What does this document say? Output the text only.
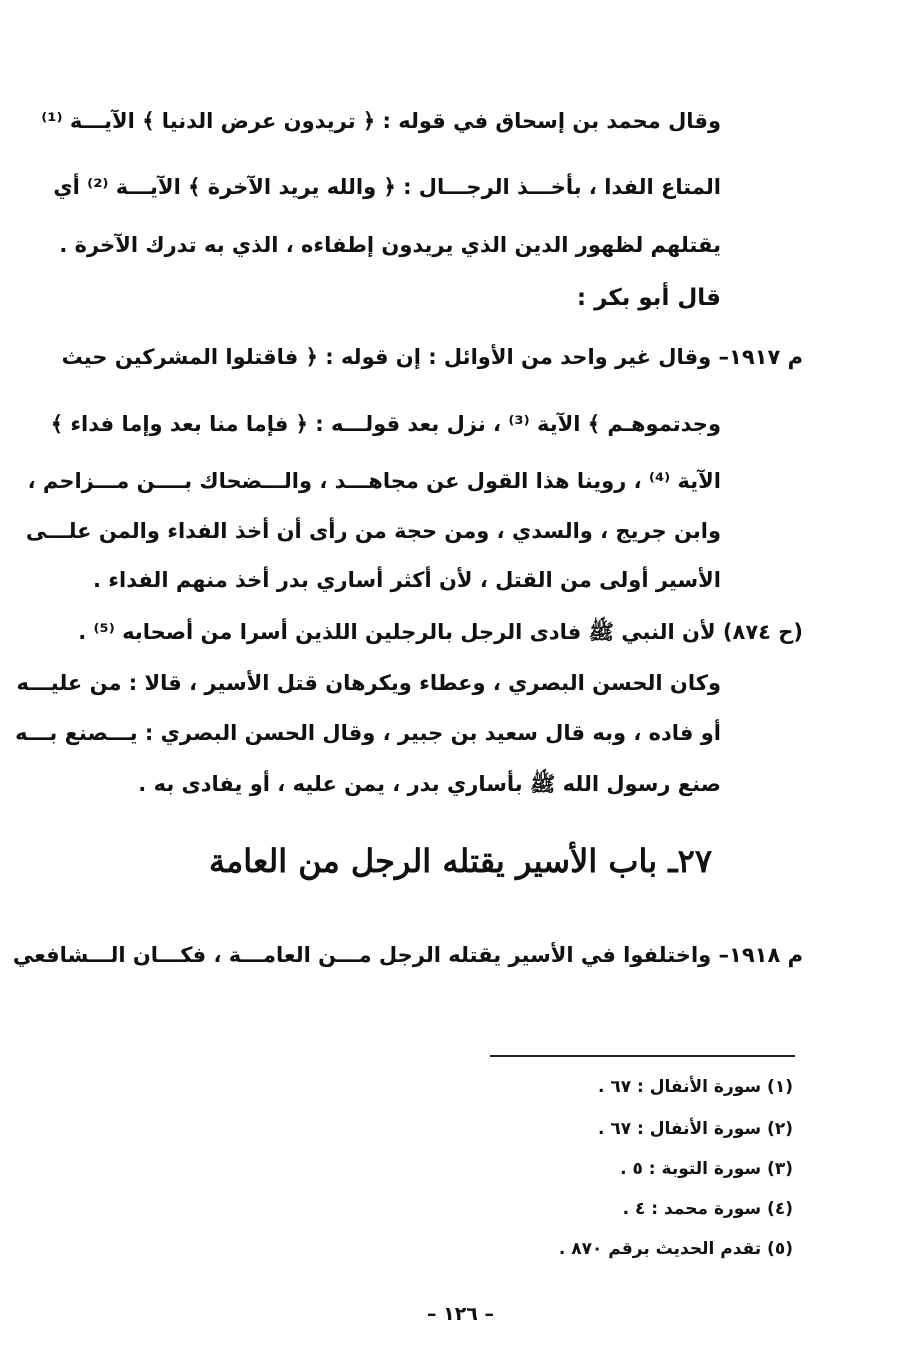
وقال محمد بن إسحاق في قوله : ﴿ تريدون عرض الدنيا ﴾ الآيـــة ⁽¹⁾
المتاع الفدا ، بأخـــذ الرجـــال : ﴿ والله يريد الآخرة ﴾ الآيـــة ⁽²⁾ أي
يقتلهم لظهور الدين الذي يريدون إطفاءه ، الذي به تدرك الآخرة .
قال أبو بكر :
م ١٩١٧– وقال غير واحد من الأوائل : إن قوله : ﴿ فاقتلوا المشركين حيث
وجدتموهـم ﴾ الآية ⁽³⁾ ، نزل بعد قولـــه : ﴿ فإما منا بعد وإما فداء ﴾
الآية ⁽⁴⁾ ، روينا هذا القول عن مجاهـــد ، والـــضحاك بــــن مـــزاحم ،
وابن جريج ، والسدي ، ومن حجة من رأى أن أخذ الفداء والمن علـــى
الأسير أولى من القتل ، لأن أكثر أساري بدر أخذ منهم الفداء .
(ح ٨٧٤) لأن النبي ﷺ فادى الرجل بالرجلين اللذين أسرا من أصحابه ⁽⁵⁾ .
وكان الحسن البصري ، وعطاء ويكرهان قتل الأسير ، قالا : من عليـــه
أو فاده ، وبه قال سعيد بن جبير ، وقال الحسن البصري : يـــصنع بـــه
صنع رسول الله ﷺ بأساري بدر ، يمن عليه ، أو يفادى به .
٢٧ـ باب الأسير يقتله الرجل من العامة
م ١٩١٨– واختلفوا في الأسير يقتله الرجل مـــن العامـــة ، فكـــان الـــشافعي
(١) سورة الأنفال : ٦٧ .
(٢) سورة الأنفال : ٦٧ .
(٣) سورة التوبة : ٥ .
(٤) سورة محمد : ٤ .
(٥) تقدم الحديث برقم ٨٧٠ .
– ١٢٦ –
